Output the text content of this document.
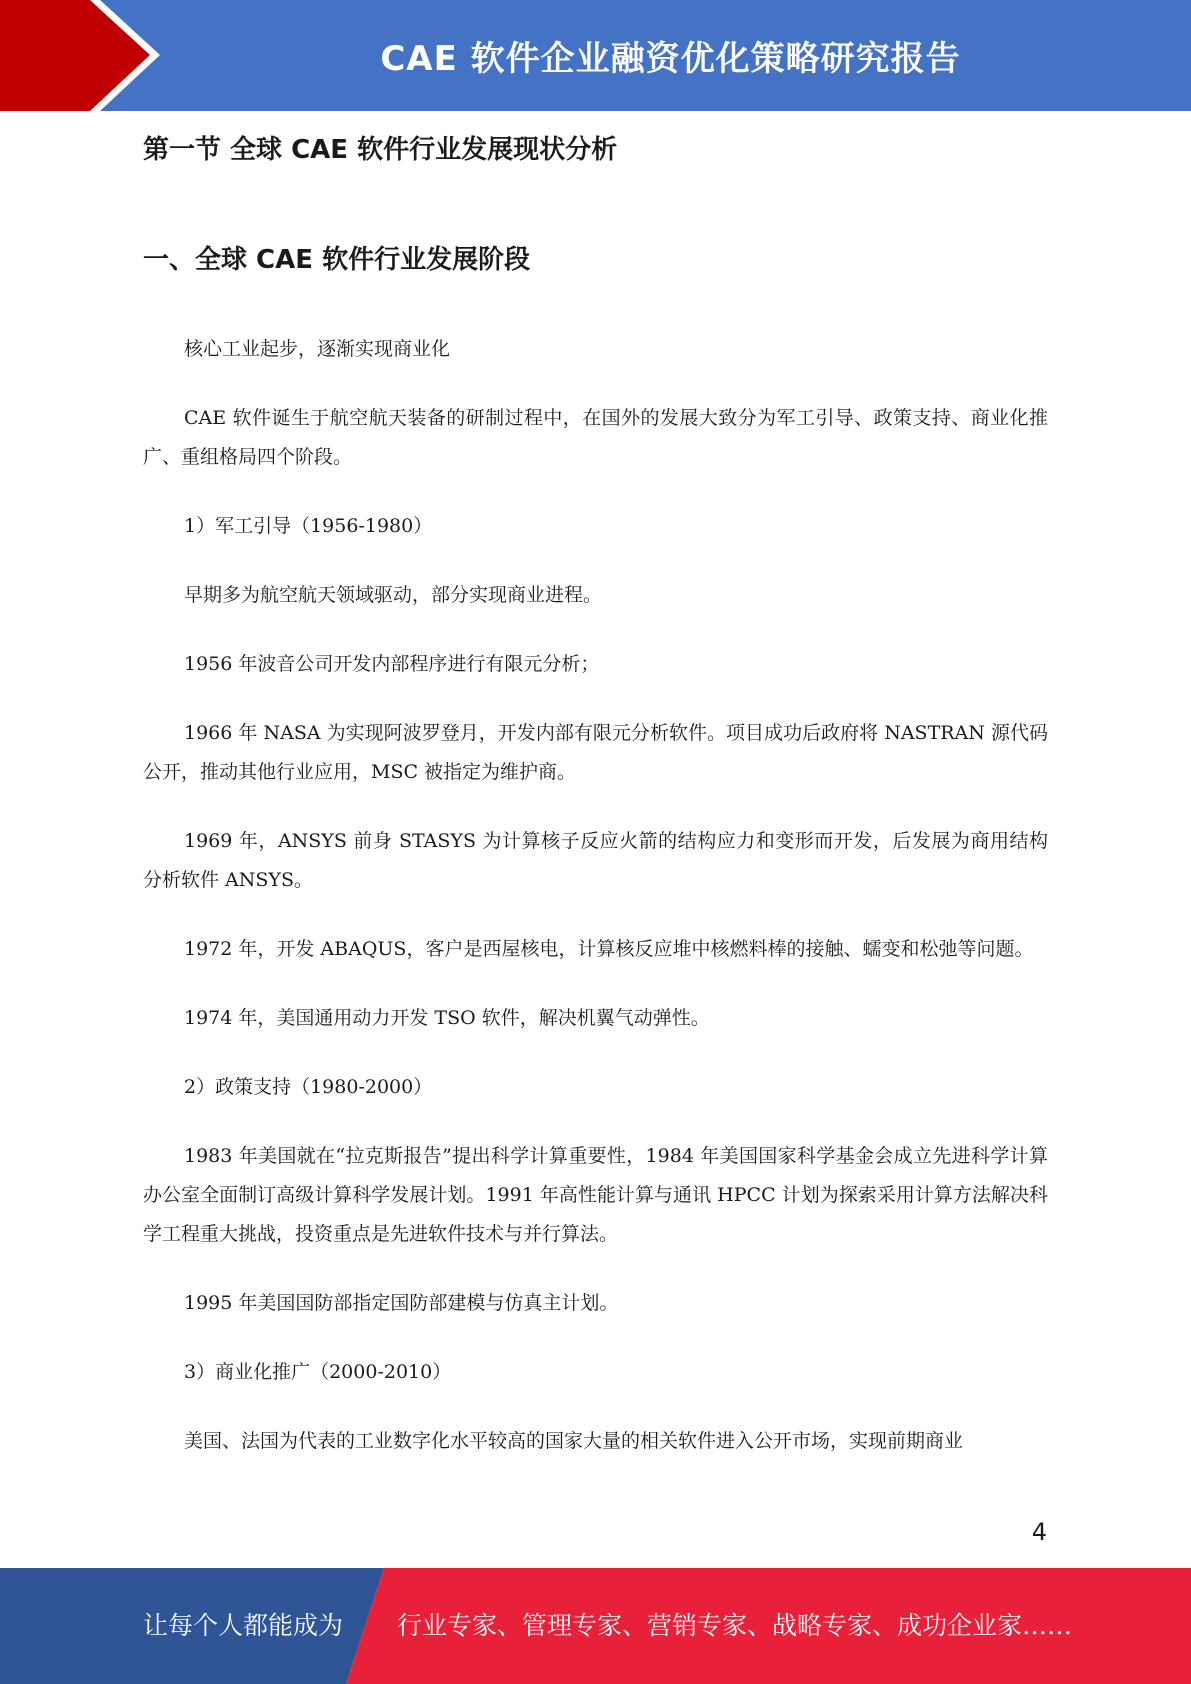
CAE 软件企业融资优化策略研究报告
第一节 全球 CAE 软件行业发展现状分析
一、全球 CAE 软件行业发展阶段

核心工业起步，逐渐实现商业化

CAE 软件诞生于航空航天装备的研制过程中，在国外的发展大致分为军工引导、政策支持、商业化推广、重组格局四个阶段。

1）军工引导（1956-1980）

早期多为航空航天领域驱动，部分实现商业进程。

1956 年波音公司开发内部程序进行有限元分析；

1966 年 NASA 为实现阿波罗登月，开发内部有限元分析软件。项目成功后政府将 NASTRAN 源代码公开，推动其他行业应用，MSC 被指定为维护商。

1969 年，ANSYS 前身 STASYS 为计算核子反应火箭的结构应力和变形而开发，后发展为商用结构分析软件 ANSYS。

1972 年，开发 ABAQUS，客户是西屋核电，计算核反应堆中核燃料棒的接触、蠕变和松弛等问题。

1974 年，美国通用动力开发 TSO 软件，解决机翼气动弹性。

2）政策支持（1980-2000）

1983 年美国就在“拉克斯报告”提出科学计算重要性，1984 年美国国家科学基金会成立先进科学计算办公室全面制订高级计算科学发展计划。1991 年高性能计算与通讯 HPCC 计划为探索采用计算方法解决科学工程重大挑战，投资重点是先进软件技术与并行算法。

1995 年美国国防部指定国防部建模与仿真主计划。

3）商业化推广（2000-2010）

美国、法国为代表的工业数字化水平较高的国家大量的相关软件进入公开市场，实现前期商业

4
让每个人都能成为 行业专家、管理专家、营销专家、战略专家、成功企业家……
